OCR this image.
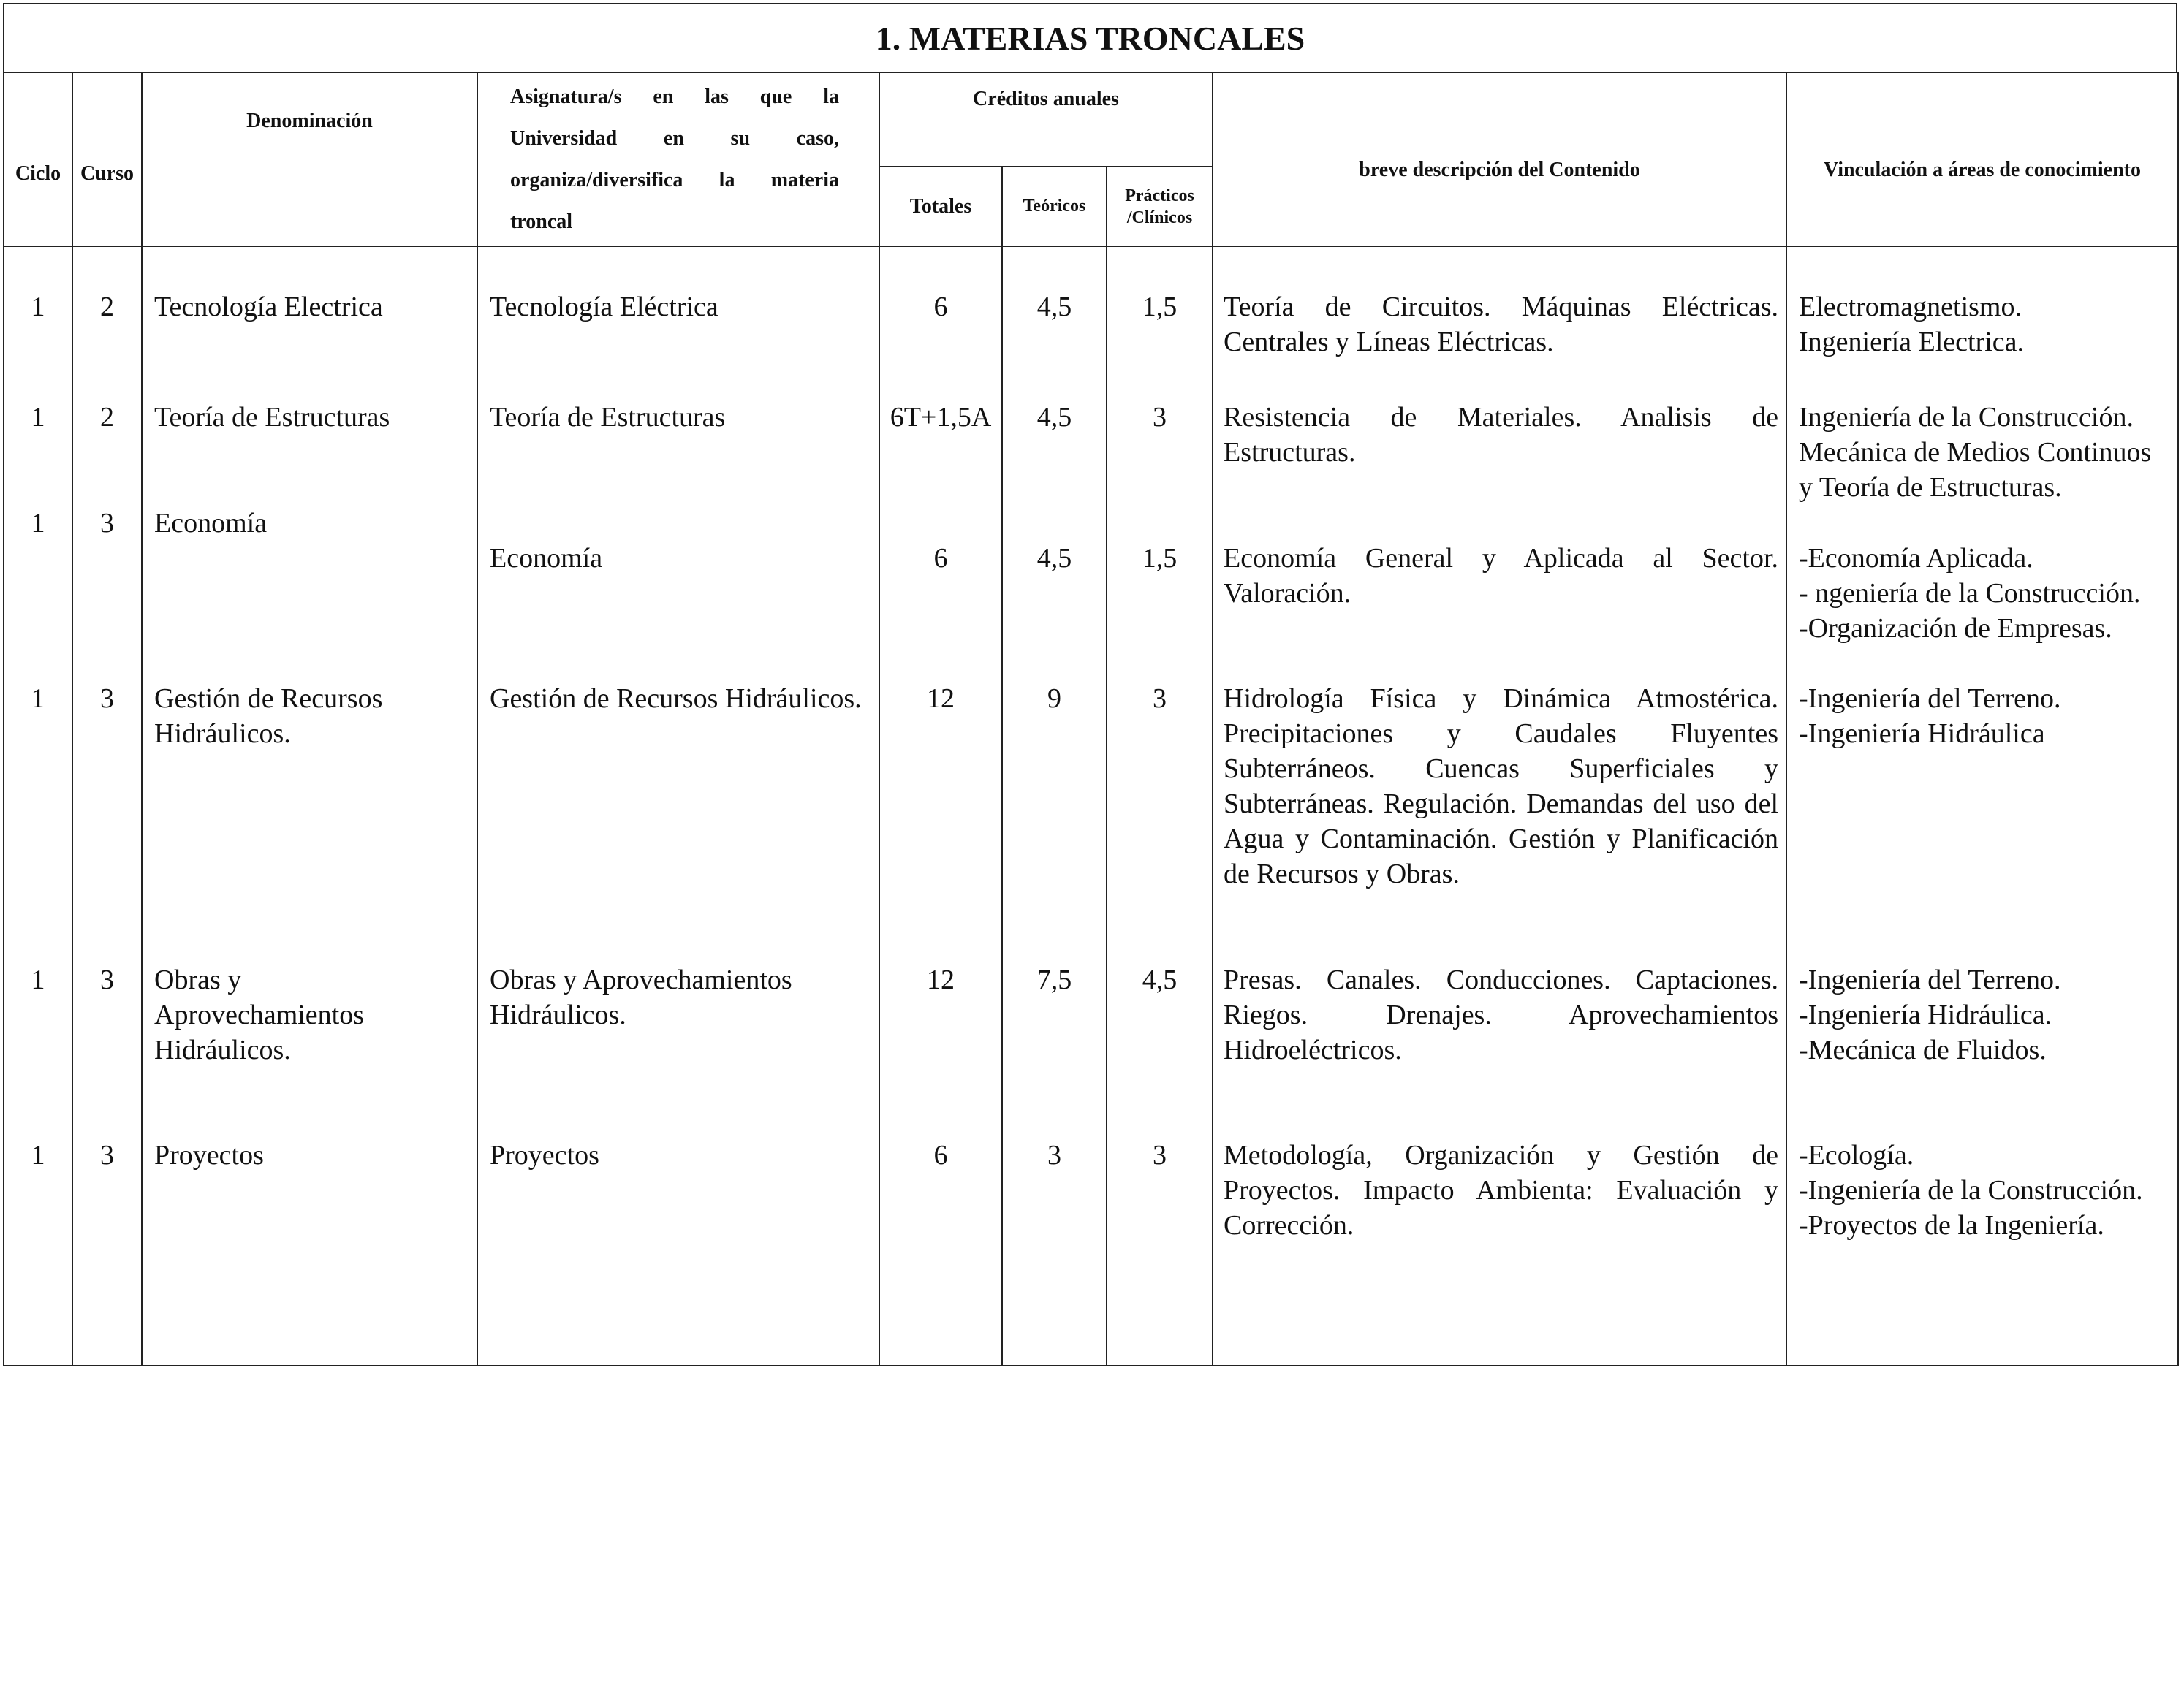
1. MATERIAS TRONCALES
Ciclo	Curso	Denominación	Asignatura/s en las que la
Universidad en su caso,
organiza/diversifica la materia
troncal	Créditos anuales			breve descripción del Contenido	Vinculación a áreas de conocimiento
				Totales	Teóricos	Prácticos
/Clínicos		

1	2	Tecnología Electrica	Tecnología Eléctrica	6	4,5	1,5	Teoría de Circuitos. Máquinas Eléctricas. Centrales y Líneas Eléctricas.	Electromagnetismo.
Ingeniería Electrica.

1	2	Teoría de Estructuras	Teoría de Estructuras	6T+1,5A	4,5	3	Resistencia de Materiales. Analisis de Estructuras.	Ingeniería de la Construcción.
Mecánica de Medios Continuos
y Teoría de Estructuras.

1	3	Economía	Economía	6	4,5	1,5	Economía General y Aplicada al Sector. Valoración.	-Economía Aplicada.
- ngeniería de la Construcción.
-Organización de Empresas.

1	3	Gestión de Recursos Hidráulicos.	Gestión de Recursos Hidráulicos.	12	9	3	Hidrología Física y Dinámica Atmostérica. Precipitaciones y Caudales Fluyentes Subterráneos. Cuencas Superficiales y Subterráneas. Regulación. Demandas del uso del Agua y Contaminación. Gestión y Planificación de Recursos y Obras.	-Ingeniería del Terreno.
-Ingeniería Hidráulica

1	3	Obras y Aprovechamientos Hidráulicos.	Obras y Aprovechamientos Hidráulicos.	12	7,5	4,5	Presas. Canales. Conducciones. Captaciones. Riegos. Drenajes. Aprovechamientos Hidroeléctricos.	-Ingeniería del Terreno.
-Ingeniería Hidráulica.
-Mecánica de Fluidos.

1	3	Proyectos	Proyectos	6	3	3	Metodología, Organización y Gestión de Proyectos. Impacto Ambienta: Evaluación y Corrección.	-Ecología.
-Ingeniería de la Construcción.
-Proyectos de la Ingeniería.
